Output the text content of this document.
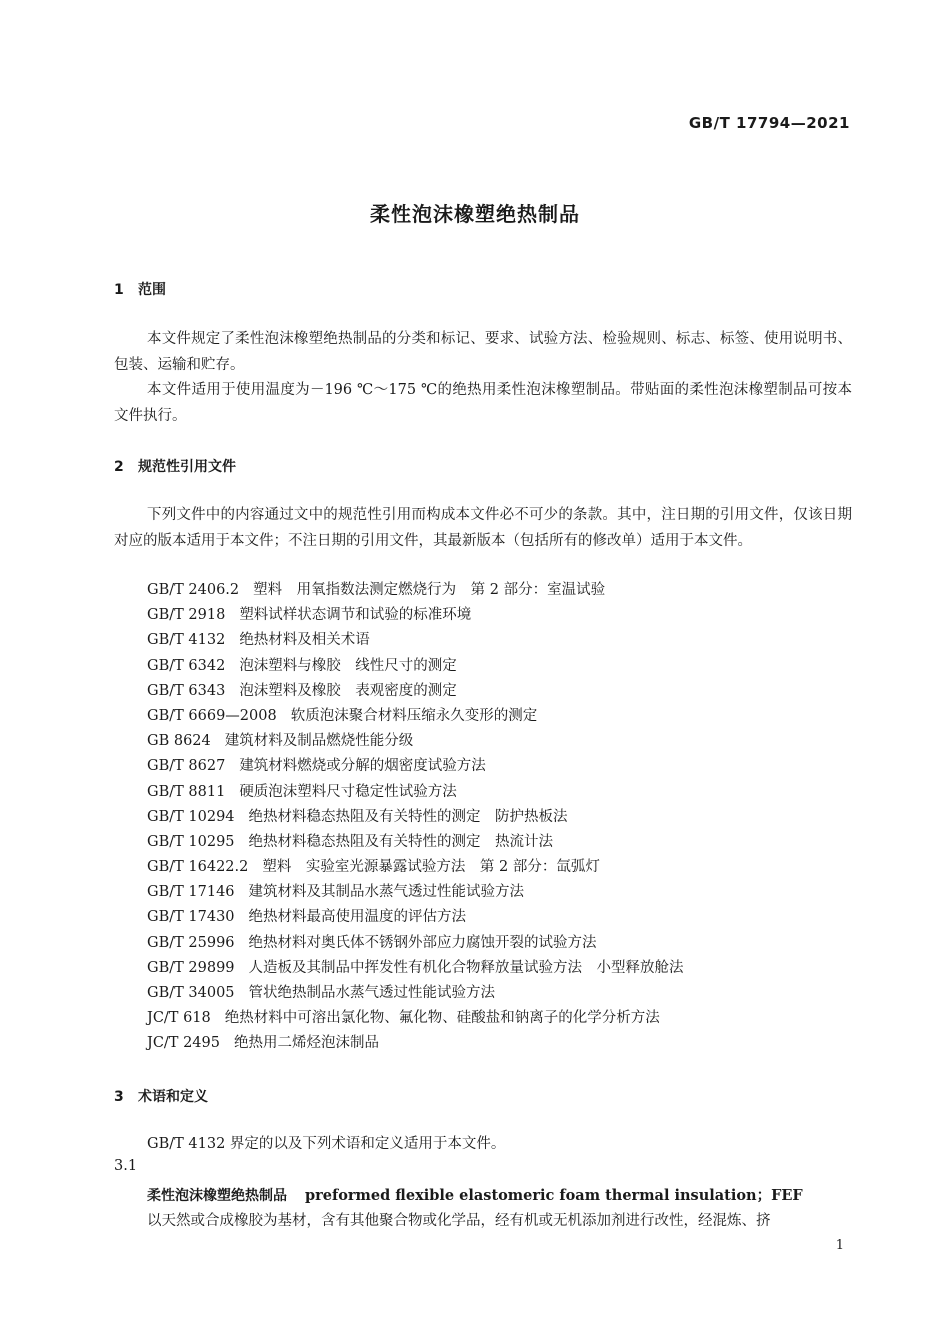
GB/T 17794—2021
柔性泡沫橡塑绝热制品
1 范围

本文件规定了柔性泡沫橡塑绝热制品的分类和标记、要求、试验方法、检验规则、标志、标签、使用说明书、包装、运输和贮存。

本文件适用于使用温度为－196 ℃～175 ℃的绝热用柔性泡沫橡塑制品。带贴面的柔性泡沫橡塑制品可按本文件执行。

2 规范性引用文件

下列文件中的内容通过文中的规范性引用而构成本文件必不可少的条款。其中，注日期的引用文件，仅该日期对应的版本适用于本文件；不注日期的引用文件，其最新版本（包括所有的修改单）适用于本文件。

GB/T 2406.2 塑料　用氧指数法测定燃烧行为　第 2 部分：室温试验
GB/T 2918 塑料试样状态调节和试验的标准环境
GB/T 4132 绝热材料及相关术语
GB/T 6342 泡沫塑料与橡胶　线性尺寸的测定
GB/T 6343 泡沫塑料及橡胶　表观密度的测定
GB/T 6669—2008 软质泡沫聚合材料压缩永久变形的测定
GB 8624 建筑材料及制品燃烧性能分级
GB/T 8627 建筑材料燃烧或分解的烟密度试验方法
GB/T 8811 硬质泡沫塑料尺寸稳定性试验方法
GB/T 10294 绝热材料稳态热阻及有关特性的测定　防护热板法
GB/T 10295 绝热材料稳态热阻及有关特性的测定　热流计法
GB/T 16422.2 塑料　实验室光源暴露试验方法　第 2 部分：氙弧灯
GB/T 17146 建筑材料及其制品水蒸气透过性能试验方法
GB/T 17430 绝热材料最高使用温度的评估方法
GB/T 25996 绝热材料对奥氏体不锈钢外部应力腐蚀开裂的试验方法
GB/T 29899 人造板及其制品中挥发性有机化合物释放量试验方法　小型释放舱法
GB/T 34005 管状绝热制品水蒸气透过性能试验方法
JC/T 618 绝热材料中可溶出氯化物、氟化物、硅酸盐和钠离子的化学分析方法
JC/T 2495 绝热用二烯烃泡沫制品
3 术语和定义

GB/T 4132 界定的以及下列术语和定义适用于本文件。

3.1
柔性泡沫橡塑绝热制品 preformed flexible elastomeric foam thermal insulation；FEF
以天然或合成橡胶为基材，含有其他聚合物或化学品，经有机或无机添加剂进行改性，经混炼、挤
1
